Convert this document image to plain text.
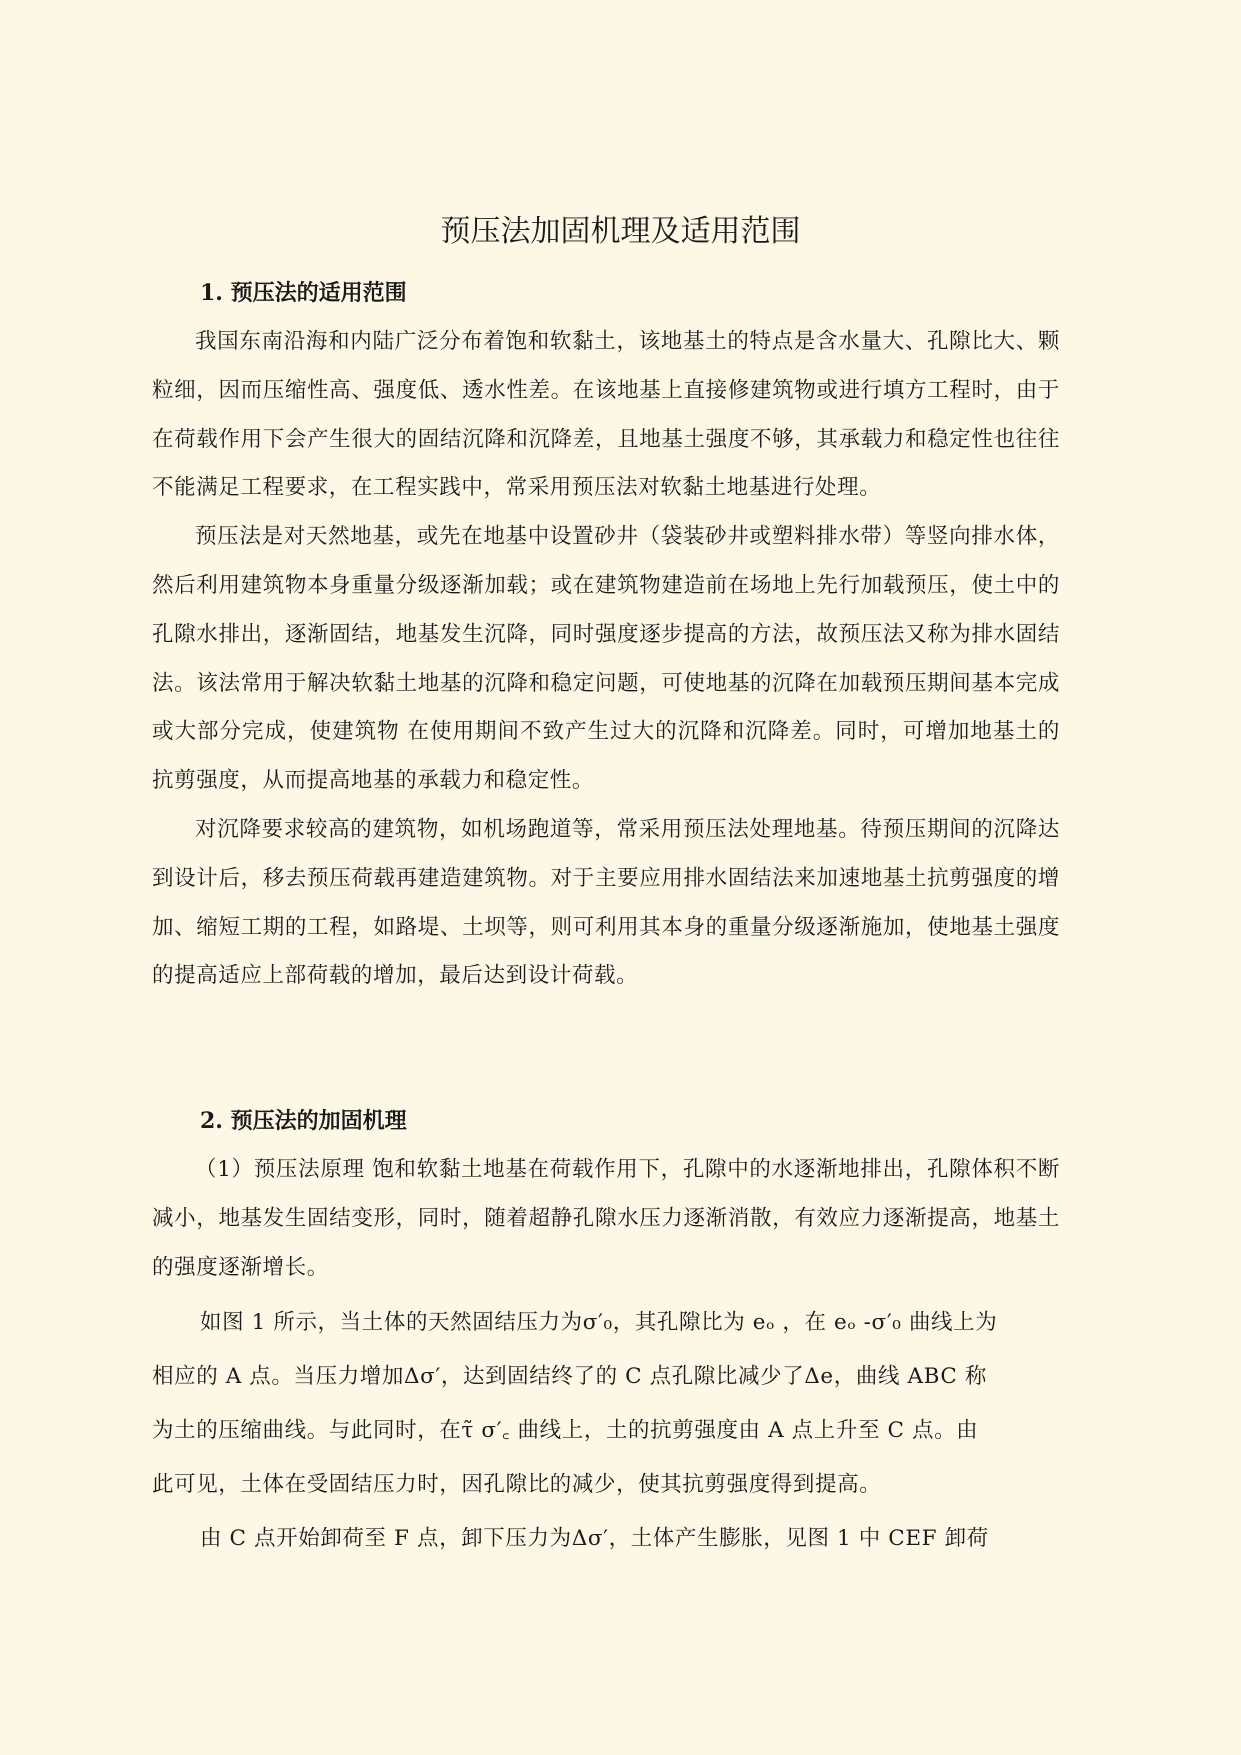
预压法加固机理及适用范围
1. 预压法的适用范围

我国东南沿海和内陆广泛分布着饱和软黏土，该地基土的特点是含水量大、孔隙比大、颗粒细，因而压缩性高、强度低、透水性差。在该地基上直接修建筑物或进行填方工程时，由于在荷载作用下会产生很大的固结沉降和沉降差，且地基土强度不够，其承载力和稳定性也往往不能满足工程要求，在工程实践中，常采用预压法对软黏土地基进行处理。

预压法是对天然地基，或先在地基中设置砂井（袋装砂井或塑料排水带）等竖向排水体，然后利用建筑物本身重量分级逐渐加载；或在建筑物建造前在场地上先行加载预压，使土中的孔隙水排出，逐渐固结，地基发生沉降，同时强度逐步提高的方法，故预压法又称为排水固结法。该法常用于解决软黏土地基的沉降和稳定问题，可使地基的沉降在加载预压期间基本完成或大部分完成，使建筑物 在使用期间不致产生过大的沉降和沉降差。同时，可增加地基土的抗剪强度，从而提高地基的承载力和稳定性。

对沉降要求较高的建筑物，如机场跑道等，常采用预压法处理地基。待预压期间的沉降达到设计后，移去预压荷载再建造建筑物。对于主要应用排水固结法来加速地基土抗剪强度的增加、缩短工期的工程，如路堤、土坝等，则可利用其本身的重量分级逐渐施加，使地基土强度的提高适应上部荷载的增加，最后达到设计荷载。

2. 预压法的加固机理

（1）预压法原理 饱和软黏土地基在荷载作用下，孔隙中的水逐渐地排出，孔隙体积不断减小，地基发生固结变形，同时，随着超静孔隙水压力逐渐消散，有效应力逐渐提高，地基土的强度逐渐增长。

如图 1 所示，当土体的天然固结压力为σ′₀，其孔隙比为 eₒ ，在 eₒ -σ′₀ 曲线上为
相应的 A 点。当压力增加Δσ′，达到固结终了的 C 点孔隙比减少了Δe，曲线 ABC 称
为土的压缩曲线。与此同时，在τ̃ σ′꜀ 曲线上，土的抗剪强度由 A 点上升至 C 点。由
此可见，土体在受固结压力时，因孔隙比的减少，使其抗剪强度得到提高。
由 C 点开始卸荷至 F 点，卸下压力为Δσ′，土体产生膨胀，见图 1 中 CEF 卸荷
